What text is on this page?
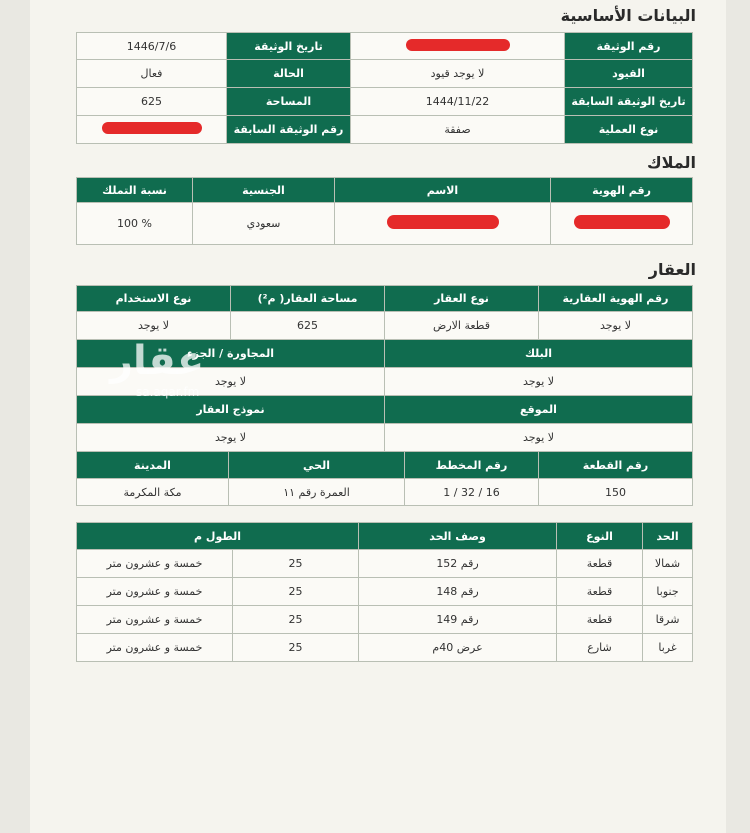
البيانات الأساسية
1446/7/6	تاريخ الوثيقة		رقم الوثيقة
فعال	الحالة	لا يوجد قيود	القيود
625	المساحة	1444/11/22	تاريخ الوثيقة السابقة
	رقم الوثيقة السابقة	صفقة	نوع العملية
الملاك
نسبة التملك	الجنسية	الاسم	رقم الهوية
100 %	سعودي		
العقار
نوع الاستخدام	مساحة العقار( م²)	نوع العقار	رقم الهوية العقارية
لا يوجد	625	قطعة الارض	لا يوجد
المجاورة / الجزء		البلك	
لا يوجد		لا يوجد	
نموذج العقار		الموقع	
لا يوجد		لا يوجد	
المدينة	الحي	رقم المخطط	رقم القطعة
مكة المكرمة	العمرة رقم ١١	1 / 32 / 16	150
الطول م		وصف الحد	النوع	الحد
خمسة و عشرون متر	25	رقم 152	قطعة	شمالا
خمسة و عشرون متر	25	رقم 148	قطعة	جنوبا
خمسة و عشرون متر	25	رقم 149	قطعة	شرقا
خمسة و عشرون متر	25	عرض 40م	شارع	غربا
عقار
sa.aqar.fm
